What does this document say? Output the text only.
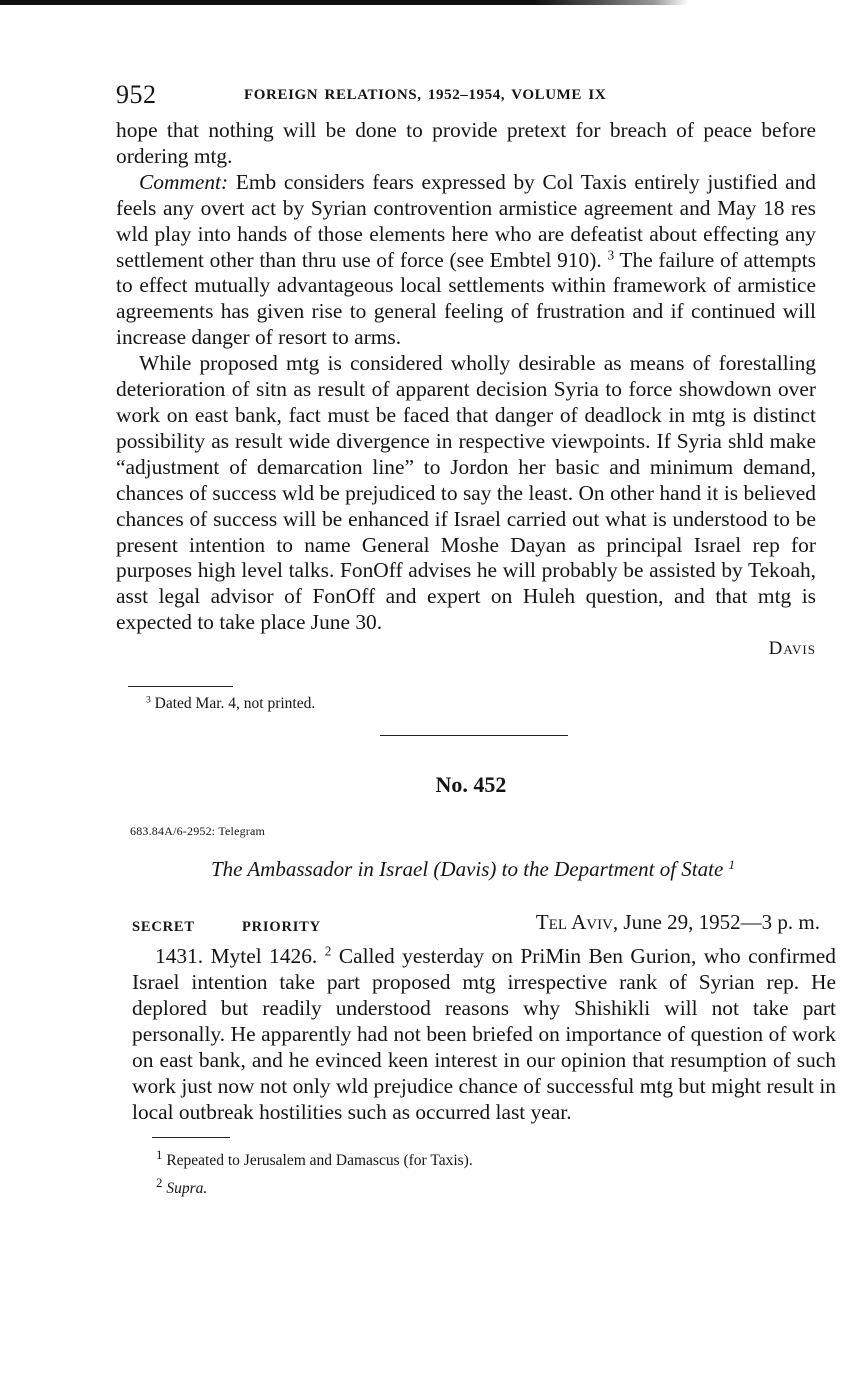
952	FOREIGN RELATIONS, 1952–1954, VOLUME IX

hope that nothing will be done to provide pretext for breach of peace before ordering mtg.

Comment: Emb considers fears expressed by Col Taxis entirely justified and feels any overt act by Syrian controvention armistice agreement and May 18 res wld play into hands of those elements here who are defeatist about effecting any settlement other than thru use of force (see Embtel 910). $^3$ The failure of attempts to effect mutually advantageous local settlements within framework of armistice agreements has given rise to general feeling of frustration and if continued will increase danger of resort to arms.

While proposed mtg is considered wholly desirable as means of forestalling deterioration of sitn as result of apparent decision Syria to force showdown over work on east bank, fact must be faced that danger of deadlock in mtg is distinct possibility as result wide divergence in respective viewpoints. If Syria shld make “adjustment of demarcation line” to Jordon her basic and minimum demand, chances of success wld be prejudiced to say the least. On other hand it is believed chances of success will be enhanced if Israel carried out what is understood to be present intention to name General Moshe Dayan as principal Israel rep for purposes high level talks. FonOff advises he will probably be assisted by Tekoah, asst legal advisor of FonOff and expert on Huleh question, and that mtg is expected to take place June 30.

Davis
$^3$ Dated Mar. 4, not printed.
No. 452
683.84A/6-2952: Telegram
The Ambassador in Israel (Davis) to the Department of State $^1$
SECRET	PRIORITY	Tel Aviv, June 29, 1952—3 p. m.

1431. Mytel 1426. $^2$ Called yesterday on PriMin Ben Gurion, who confirmed Israel intention take part proposed mtg irrespective rank of Syrian rep. He deplored but readily understood reasons why Shishikli will not take part personally. He apparently had not been briefed on importance of question of work on east bank, and he evinced keen interest in our opinion that resumption of such work just now not only wld prejudice chance of successful mtg but might result in local outbreak hostilities such as occurred last year.

$^1$ Repeated to Jerusalem and Damascus (for Taxis).
$^2$ Supra.
